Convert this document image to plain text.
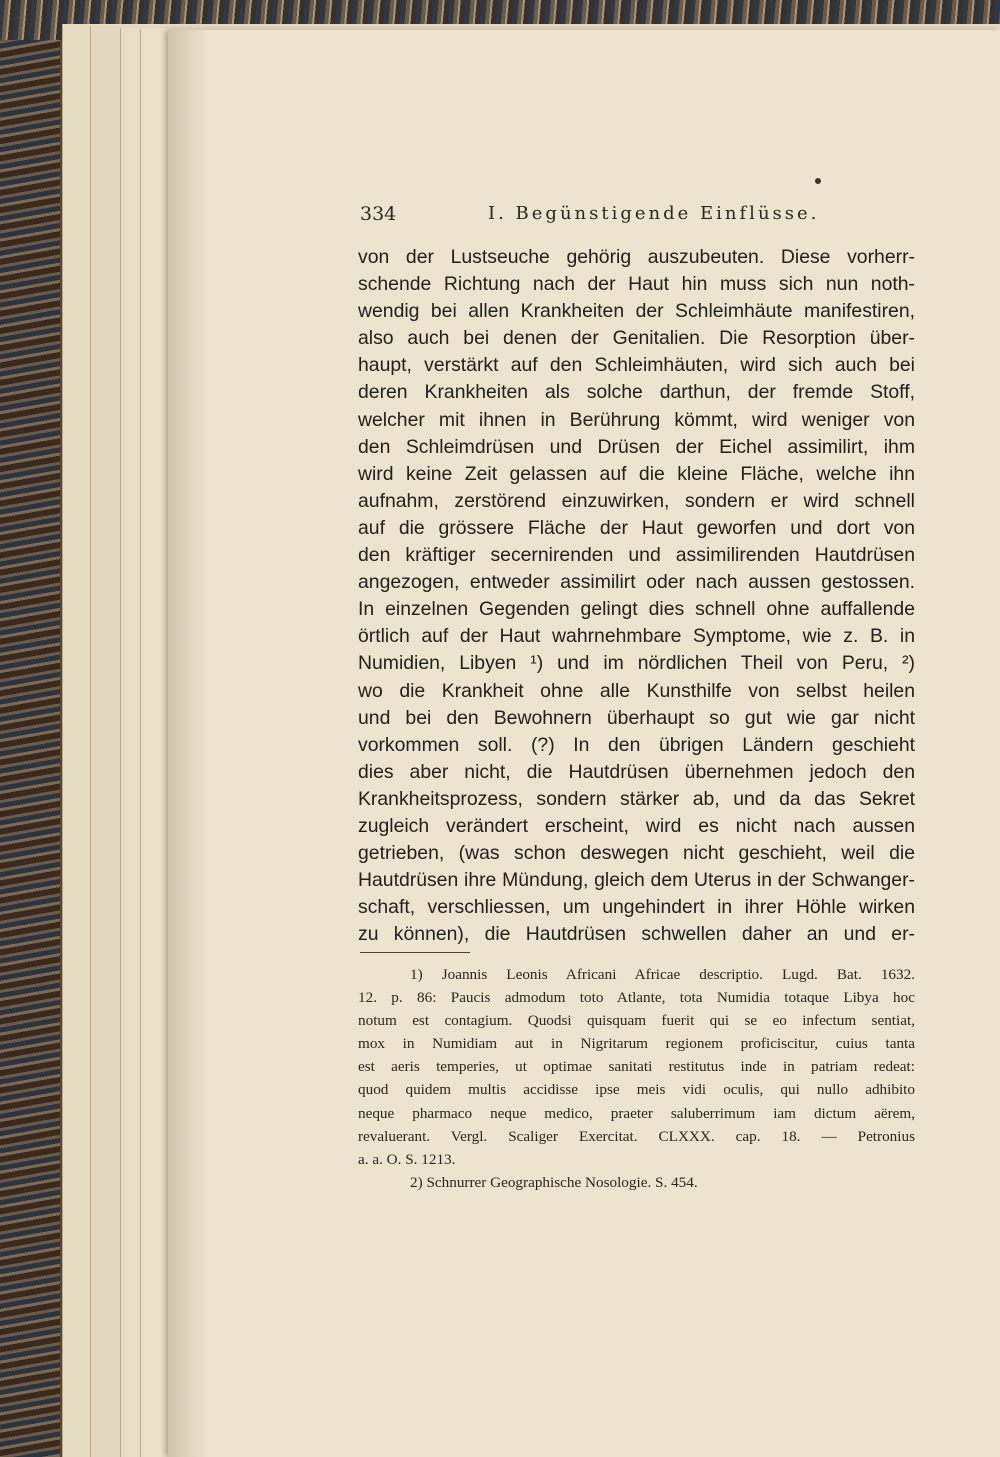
334	I. Begünstigende Einflüsse.
von der Lustseuche gehörig auszubeuten. Diese vorherr-
schende Richtung nach der Haut hin muss sich nun noth-
wendig bei allen Krankheiten der Schleimhäute manifestiren,
also auch bei denen der Genitalien. Die Resorption über-
haupt, verstärkt auf den Schleimhäuten, wird sich auch bei
deren Krankheiten als solche darthun, der fremde Stoff,
welcher mit ihnen in Berührung kömmt, wird weniger von
den Schleimdrüsen und Drüsen der Eichel assimilirt, ihm
wird keine Zeit gelassen auf die kleine Fläche, welche ihn
aufnahm, zerstörend einzuwirken, sondern er wird schnell
auf die grössere Fläche der Haut geworfen und dort von
den kräftiger secernirenden und assimilirenden Hautdrüsen
angezogen, entweder assimilirt oder nach aussen gestossen.
In einzelnen Gegenden gelingt dies schnell ohne auffallende
örtlich auf der Haut wahrnehmbare Symptome, wie z. B. in
Numidien, Libyen ¹) und im nördlichen Theil von Peru, ²)
wo die Krankheit ohne alle Kunsthilfe von selbst heilen
und bei den Bewohnern überhaupt so gut wie gar nicht
vorkommen soll. (?) In den übrigen Ländern geschieht
dies aber nicht, die Hautdrüsen übernehmen jedoch den
Krankheitsprozess, sondern stärker ab, und da das Sekret
zugleich verändert erscheint, wird es nicht nach aussen
getrieben, (was schon deswegen nicht geschieht, weil die
Hautdrüsen ihre Mündung, gleich dem Uterus in der Schwanger-
schaft, verschliessen, um ungehindert in ihrer Höhle wirken
zu können), die Hautdrüsen schwellen daher an und er-
1) Joannis Leonis Africani Africae descriptio. Lugd. Bat. 1632.
12. p. 86: Paucis admodum toto Atlante, tota Numidia totaque Libya hoc
notum est contagium. Quodsi quisquam fuerit qui se eo infectum sentiat,
mox in Numidiam aut in Nigritarum regionem proficiscitur, cuius tanta
est aeris temperies, ut optimae sanitati restitutus inde in patriam redeat:
quod quidem multis accidisse ipse meis vidi oculis, qui nullo adhibito
neque pharmaco neque medico, praeter saluberrimum iam dictum aërem,
revaluerant. Vergl. Scaliger Exercitat. CLXXX. cap. 18. — Petronius
a. a. O. S. 1213.
2) Schnurrer Geographische Nosologie. S. 454.
